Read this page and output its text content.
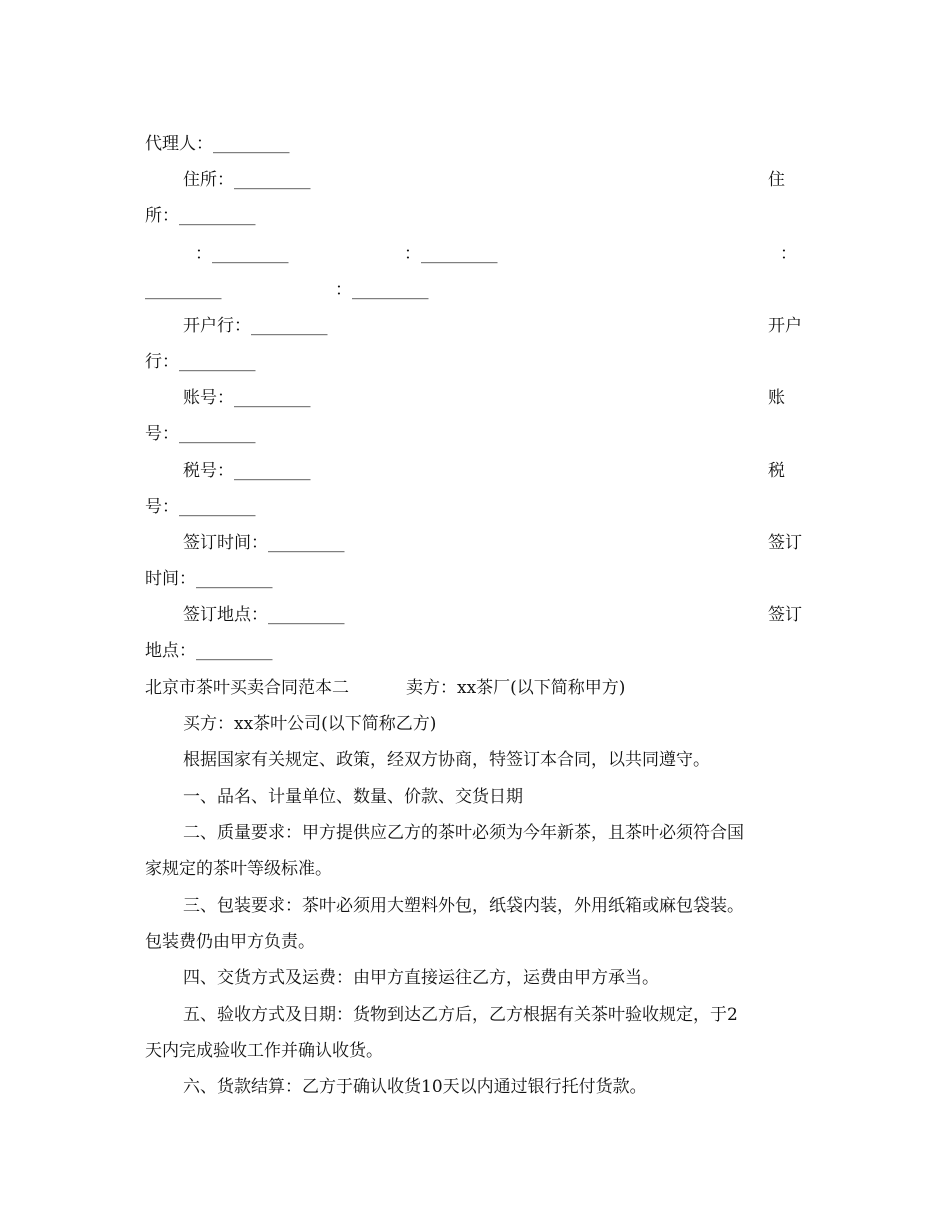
代理人：_________
住所：_________	住
所：_________
：_________	：_________	：
_________	：_________
开户行：_________	开户
行：_________
账号：_________	账
号：_________
税号：_________	税
号：_________
签订时间：_________	签订
时间：_________
签订地点：_________	签订
地点：_________
北京市茶叶买卖合同范本二	卖方：xx茶厂(以下简称甲方)
买方：xx茶叶公司(以下简称乙方)
根据国家有关规定、政策，经双方协商，特签订本合同，以共同遵守。
一、品名、计量单位、数量、价款、交货日期
二、质量要求：甲方提供应乙方的茶叶必须为今年新茶，且茶叶必须符合国
家规定的茶叶等级标准。
三、包装要求：茶叶必须用大塑料外包，纸袋内装，外用纸箱或麻包袋装。
包装费仍由甲方负责。
四、交货方式及运费：由甲方直接运往乙方，运费由甲方承当。
五、验收方式及日期：货物到达乙方后，乙方根据有关茶叶验收规定，于2
天内完成验收工作并确认收货。
六、货款结算：乙方于确认收货10天以内通过银行托付货款。
